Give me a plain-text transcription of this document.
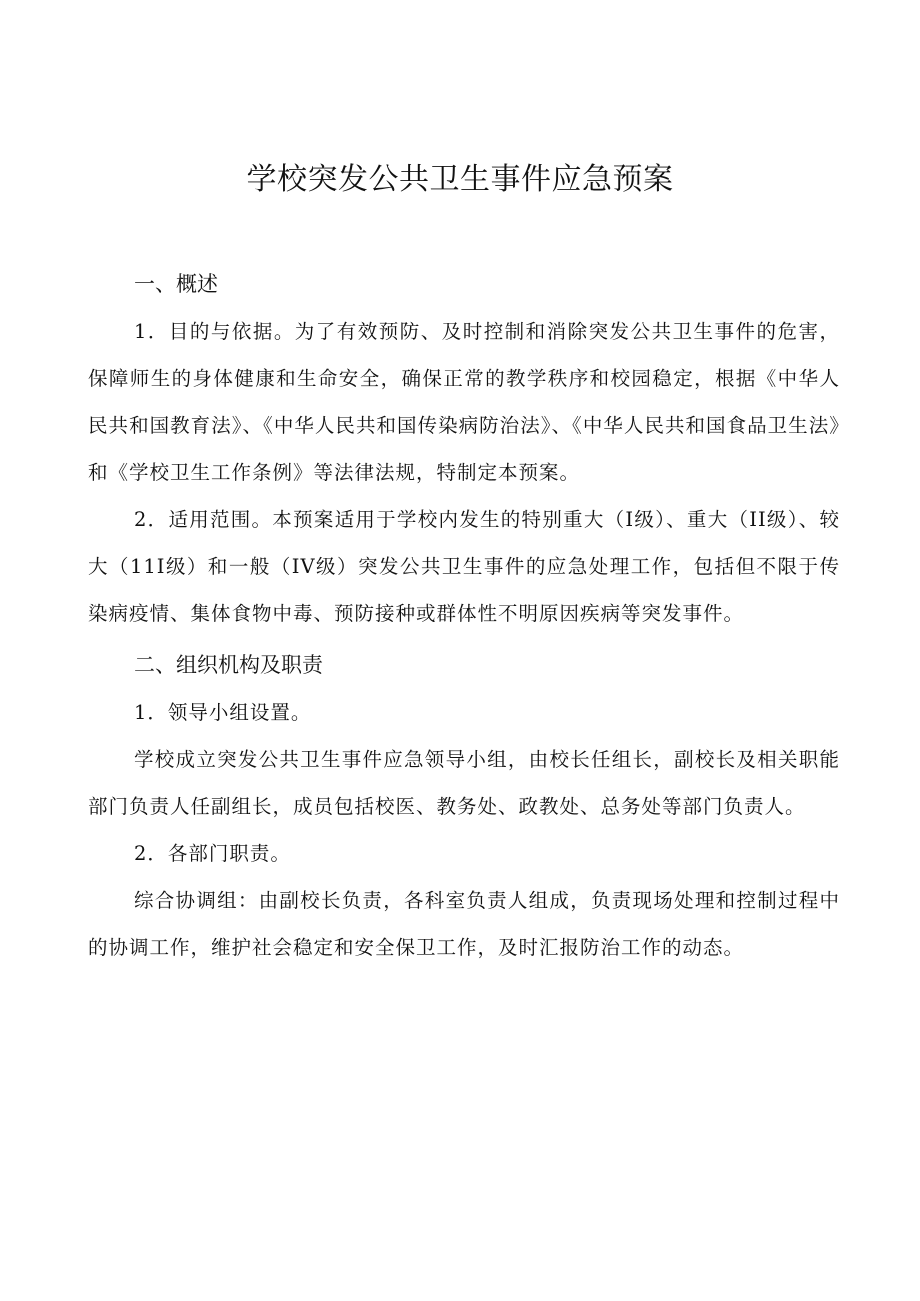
学校突发公共卫生事件应急预案

一、概述

1．目的与依据。为了有效预防、及时控制和消除突发公共卫生事件的危害，保障师生的身体健康和生命安全，确保正常的教学秩序和校园稳定，根据《中华人民共和国教育法》、《中华人民共和国传染病防治法》、《中华人民共和国食品卫生法》和《学校卫生工作条例》等法律法规，特制定本预案。

2．适用范围。本预案适用于学校内发生的特别重大（I级）、重大（II级）、较大（11I级）和一般（IV级）突发公共卫生事件的应急处理工作，包括但不限于传染病疫情、集体食物中毒、预防接种或群体性不明原因疾病等突发事件。

二、组织机构及职责

1．领导小组设置。

学校成立突发公共卫生事件应急领导小组，由校长任组长，副校长及相关职能部门负责人任副组长，成员包括校医、教务处、政教处、总务处等部门负责人。

2．各部门职责。

综合协调组：由副校长负责，各科室负责人组成，负责现场处理和控制过程中的协调工作，维护社会稳定和安全保卫工作，及时汇报防治工作的动态。
